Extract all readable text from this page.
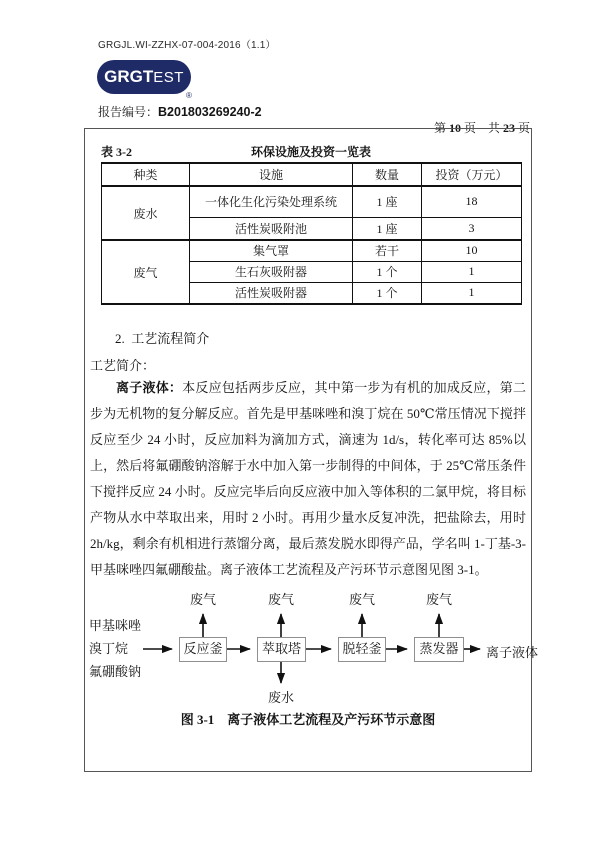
GRGJL.WI-ZZHX-07-004-2016（1.1）
GRGTEST
®
报告编号：B201803269240-2

第 10 页　共 23 页

环保设施及投资一览表
表 3-2
种类	设施	数量	投资（万元）
废水	一体化生化污染处理系统	1 座	18
	活性炭吸附池	1 座	3
废气	集气罩	若干	10
	生石灰吸附器	1 个	1
	活性炭吸附器	1 个	1
2.  工艺流程简介
工艺简介：

离子液体：本反应包括两步反应，其中第一步为有机的加成反应，第二步为无机物的复分解反应。首先是甲基咪唑和溴丁烷在 50℃常压情况下搅拌反应至少 24 小时，反应加料为滴加方式，滴速为 1d/s，转化率可达 85%以上，然后将氟硼酸钠溶解于水中加入第一步制得的中间体，于 25℃常压条件下搅拌反应 24 小时。反应完毕后向反应液中加入等体积的二氯甲烷，将目标产物从水中萃取出来，用时 2 小时。再用少量水反复冲洗，把盐除去，用时 2h/kg，剩余有机相进行蒸馏分离，最后蒸发脱水即得产品，学名叫 1-丁基-3-甲基咪唑四氟硼酸盐。离子液体工艺流程及产污环节示意图见图 3-1。

废气	废气	废气	废气
甲基咪唑
溴丁烷
氟硼酸钠
反应釜	萃取塔	脱轻釜	蒸发器	离子液体
废水
图 3-1　离子液体工艺流程及产污环节示意图
